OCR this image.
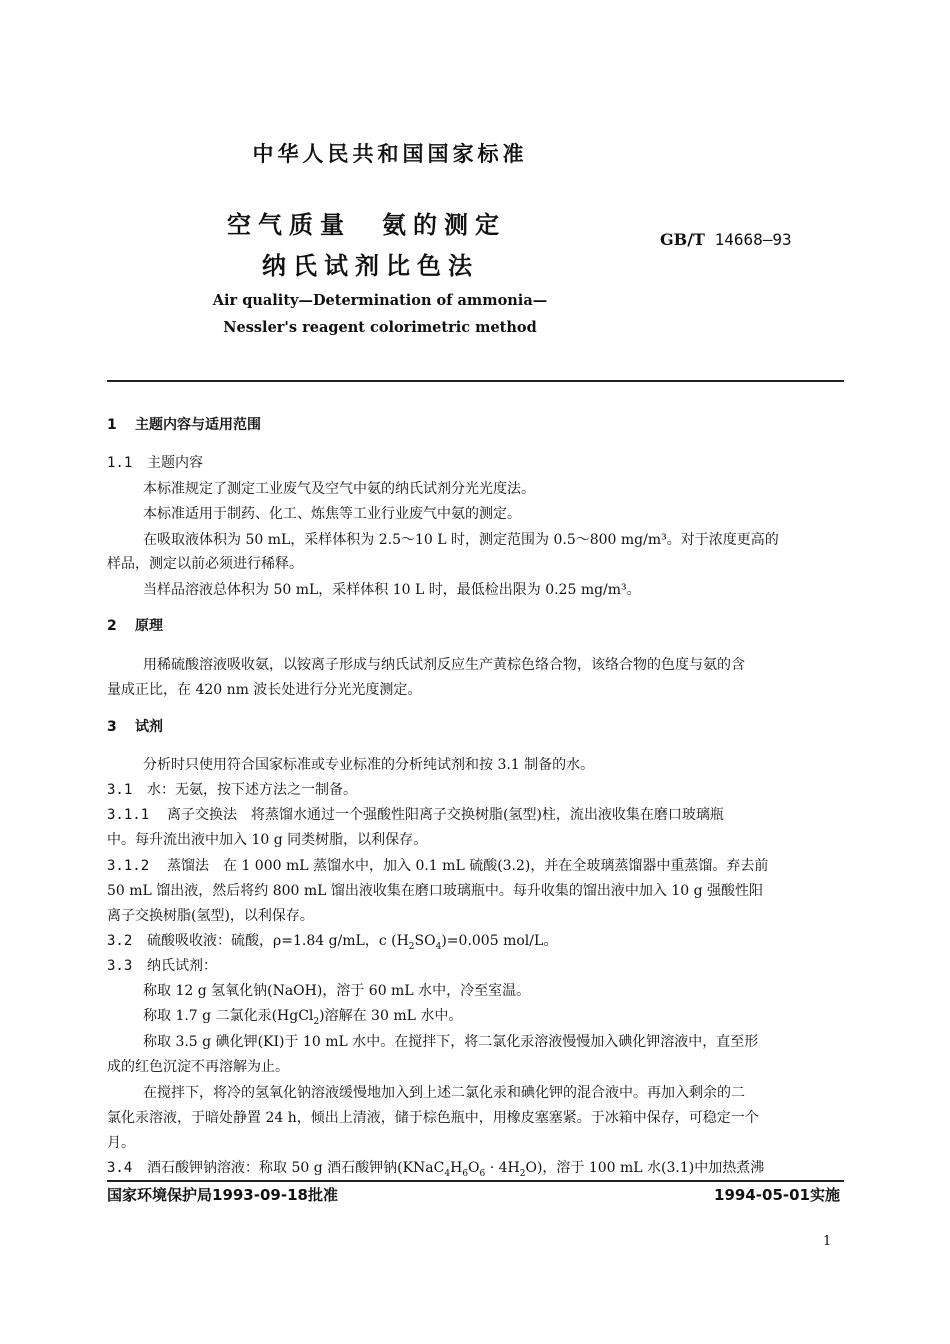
中华人民共和国国家标准
空气质量　氨的测定
纳氏试剂比色法
GB/T 14668—93
Air quality—Determination of ammonia—
Nessler's reagent colorimetric method
1 主题内容与适用范围
1.1 主题内容
本标准规定了测定工业废气及空气中氨的纳氏试剂分光光度法。
本标准适用于制药、化工、炼焦等工业行业废气中氨的测定。
在吸取液体积为 50 mL，采样体积为 2.5～10 L 时，测定范围为 0.5～800 mg/m³。对于浓度更高的
样品，测定以前必须进行稀释。
当样品溶液总体积为 50 mL，采样体积 10 L 时，最低检出限为 0.25 mg/m³。
2 原理
用稀硫酸溶液吸收氨，以铵离子形成与纳氏试剂反应生产黄棕色络合物，该络合物的色度与氨的含
量成正比，在 420 nm 波长处进行分光光度测定。
3 试剂
分析时只使用符合国家标准或专业标准的分析纯试剂和按 3.1 制备的水。
3.1 水：无氨，按下述方法之一制备。
3.1.1 离子交换法　将蒸馏水通过一个强酸性阳离子交换树脂(氢型)柱，流出液收集在磨口玻璃瓶
中。每升流出液中加入 10 g 同类树脂，以利保存。
3.1.2 蒸馏法　在 1 000 mL 蒸馏水中，加入 0.1 mL 硫酸(3.2)，并在全玻璃蒸馏器中重蒸馏。弃去前
50 mL 馏出液，然后将约 800 mL 馏出液收集在磨口玻璃瓶中。每升收集的馏出液中加入 10 g 强酸性阳
离子交换树脂(氢型)，以利保存。
3.2 硫酸吸收液：硫酸，ρ=1.84 g/mL，c $(H_2SO_4)=0.005$ mol/L。
3.3 纳氏试剂：
称取 12 g 氢氧化钠(NaOH)，溶于 60 mL 水中，冷至室温。
称取 1.7 g 二氯化汞(HgCl$_2$)溶解在 30 mL 水中。
称取 3.5 g 碘化钾(KI)于 10 mL 水中。在搅拌下，将二氯化汞溶液慢慢加入碘化钾溶液中，直至形
成的红色沉淀不再溶解为止。
在搅拌下，将冷的氢氧化钠溶液缓慢地加入到上述二氯化汞和碘化钾的混合液中。再加入剩余的二
氯化汞溶液，于暗处静置 24 h，倾出上清液，储于棕色瓶中，用橡皮塞塞紧。于冰箱中保存，可稳定一个
月。
3.4 酒石酸钾钠溶液：称取 50 g 酒石酸钾钠$(KNaC_4H_6O_6 \cdot 4H_2O)$，溶于 100 mL 水(3.1)中加热煮沸
国家环境保护局1993-09-18批准	1994-05-01实施
1
